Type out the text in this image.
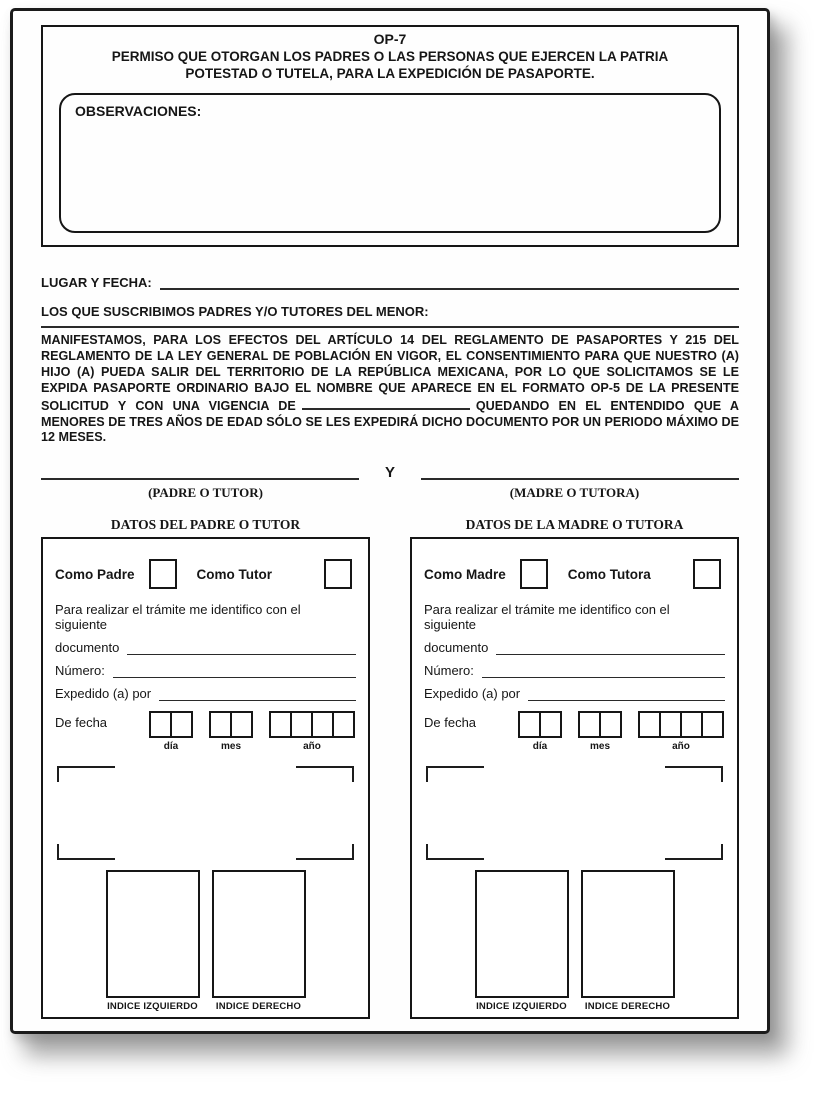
OP-7
PERMISO QUE OTORGAN LOS PADRES O LAS PERSONAS QUE EJERCEN LA PATRIA
POTESTAD O TUTELA, PARA LA EXPEDICIÓN DE PASAPORTE.
OBSERVACIONES:
LUGAR Y FECHA:
LOS QUE SUSCRIBIMOS PADRES Y/O TUTORES DEL MENOR:
MANIFESTAMOS, PARA LOS EFECTOS DEL ARTÍCULO 14 DEL REGLAMENTO DE PASAPORTES Y 215 DEL REGLAMENTO DE LA LEY GENERAL DE POBLACIÓN EN VIGOR, EL CONSENTIMIENTO PARA QUE NUESTRO (A) HIJO (A) PUEDA SALIR DEL TERRITORIO DE LA REPÚBLICA MEXICANA, POR LO QUE SOLICITAMOS SE LE EXPIDA PASAPORTE ORDINARIO BAJO EL NOMBRE QUE APARECE EN EL FORMATO OP-5 DE LA PRESENTE SOLICITUD Y CON UNA VIGENCIA DE	QUEDANDO EN EL ENTENDIDO QUE A MENORES DE TRES AÑOS DE EDAD SÓLO SE LES EXPEDIRÁ DICHO DOCUMENTO POR UN PERIODO MÁXIMO DE 12 MESES.
Y
(PADRE O TUTOR)	(MADRE O TUTORA)
DATOS DEL PADRE O TUTOR	DATOS DE LA MADRE O TUTORA
Como Padre	Como Tutor
Para realizar el trámite me identifico con el siguiente
documento
Número:
Expedido (a) por
De fecha
día	mes	año
INDICE IZQUIERDO INDICE DERECHO
Como Madre	Como Tutora
Para realizar el trámite me identifico con el siguiente
documento
Número:
Expedido (a) por
De fecha
día	mes	año
INDICE IZQUIERDO INDICE DERECHO
